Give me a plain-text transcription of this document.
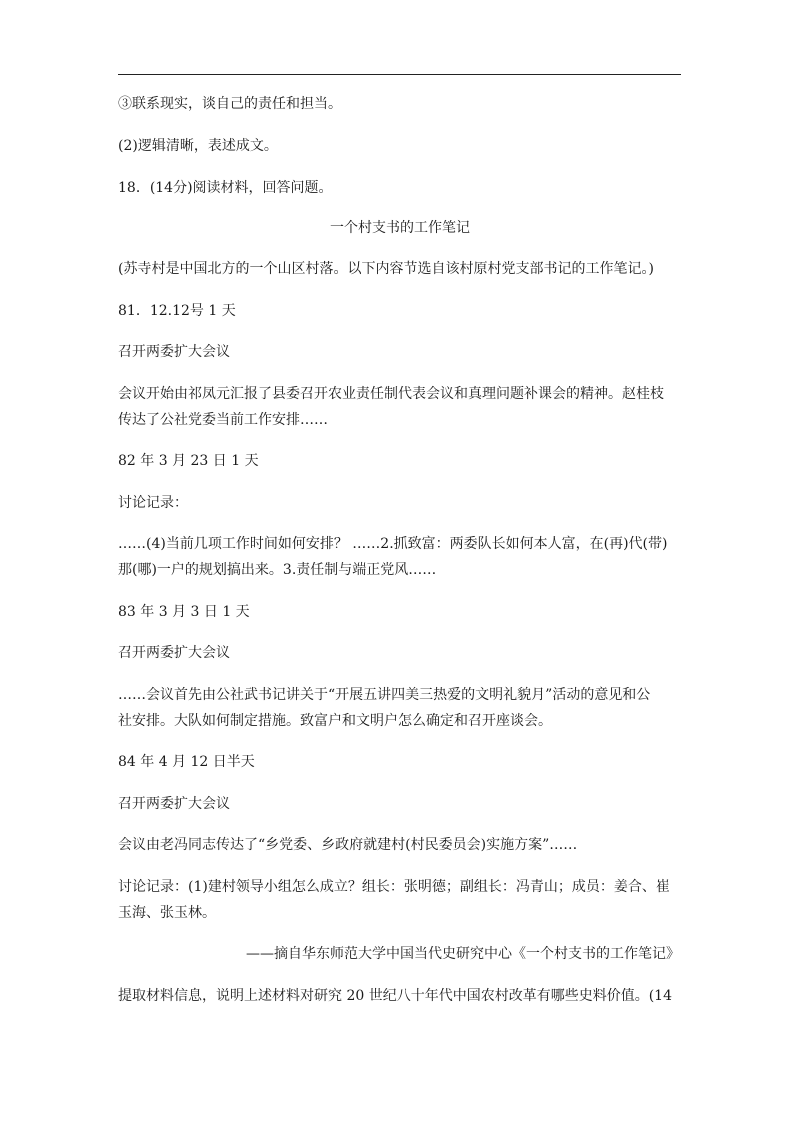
③联系现实，谈自己的责任和担当。
(2)逻辑清晰，表述成文。
18．(14分)阅读材料，回答问题。
一个村支书的工作笔记
(苏寺村是中国北方的一个山区村落。以下内容节选自该村原村党支部书记的工作笔记。)
81．12.12号 1 天
召开两委扩大会议
会议开始由祁凤元汇报了县委召开农业责任制代表会议和真理问题补课会的精神。赵桂枝
传达了公社党委当前工作安排……
82 年 3 月 23 日 1 天
讨论记录：
……(4)当前几项工作时间如何安排？ ……2.抓致富：两委队长如何本人富，在(再)代(带)
那(哪)一户的规划搞出来。3.责任制与端正党风……
83 年 3 月 3 日 1 天
召开两委扩大会议
……会议首先由公社武书记讲关于“开展五讲四美三热爱的文明礼貌月”活动的意见和公
社安排。大队如何制定措施。致富户和文明户怎么确定和召开座谈会。
84 年 4 月 12 日半天
召开两委扩大会议
会议由老冯同志传达了“乡党委、乡政府就建村(村民委员会)实施方案”……
讨论记录：(1)建村领导小组怎么成立？组长：张明德；副组长：冯青山；成员：姜合、崔
玉海、张玉林。
——摘自华东师范大学中国当代史研究中心《一个村支书的工作笔记》
提取材料信息，说明上述材料对研究 20 世纪八十年代中国农村改革有哪些史料价值。(14
